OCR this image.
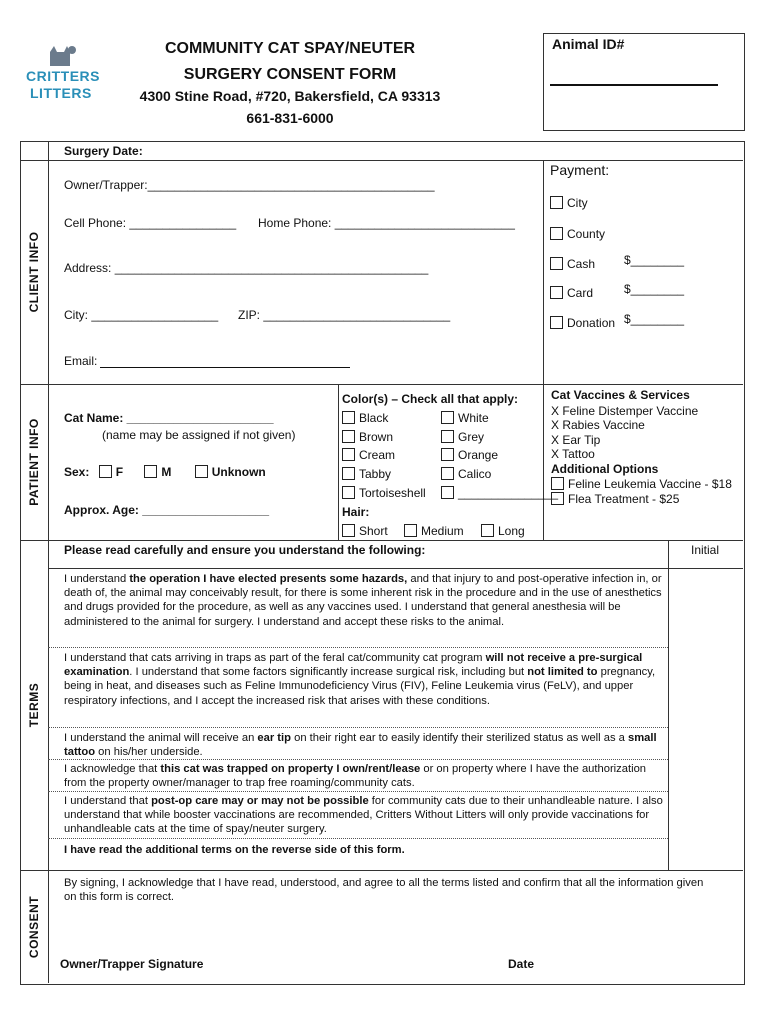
CRITTERS
LITTERS
COMMUNITY CAT SPAY/NEUTER
SURGERY CONSENT FORM
4300 Stine Road, #720, Bakersfield, CA 93313
661-831-6000
Animal ID#
CLIENT INFO
PATIENT INFO
TERMS
CONSENT
Surgery Date:
Owner/Trapper:___________________________________________
Cell Phone: ________________ Home Phone: ___________________________
Address: _______________________________________________
City: ___________________ ZIP: ____________________________
Email:
Payment:
City
County
Cash $________
Card	$________
Donation $________
Cat Name: ______________________
(name may be assigned if not given)
Sex: F	M	Unknown
Approx. Age: ___________________
Color(s) – Check all that apply:
Black	White
Brown	Grey
Cream	Orange
Tabby	Calico
Tortoiseshell	_______________
Hair:
Short	Medium	Long
Cat Vaccines & Services
X Feline Distemper Vaccine
X Rabies Vaccine
X Ear Tip
X Tattoo
Additional Options
Feline Leukemia Vaccine - $18
Flea Treatment - $25
Please read carefully and ensure you understand the following:	Initial
I understand the operation I have elected presents some hazards, and that injury to and post-operative infection in, or death of, the animal may conceivably result, for there is some inherent risk in the procedure and in the use of anesthetics and drugs provided for the procedure, as well as any vaccines used. I understand that general anesthesia will be administered to the animal for surgery. I understand and accept these risks to the animal.
I understand that cats arriving in traps as part of the feral cat/community cat program will not receive a pre-surgical examination. I understand that some factors significantly increase surgical risk, including but not limited to pregnancy, being in heat, and diseases such as Feline Immunodeficiency Virus (FIV), Feline Leukemia virus (FeLV), and upper respiratory infections, and I accept the increased risk that arises with these conditions.
I understand the animal will receive an ear tip on their right ear to easily identify their sterilized status as well as a small tattoo on his/her underside.
I acknowledge that this cat was trapped on property I own/rent/lease or on property where I have the authorization from the property owner/manager to trap free roaming/community cats.
I understand that post-op care may or may not be possible for community cats due to their unhandleable nature. I also understand that while booster vaccinations are recommended, Critters Without Litters will only provide vaccinations for unhandleable cats at the time of spay/neuter surgery.
I have read the additional terms on the reverse side of this form.
By signing, I acknowledge that I have read, understood, and agree to all the terms listed and confirm that all the information given on this form is correct.
Owner/Trapper Signature	Date
